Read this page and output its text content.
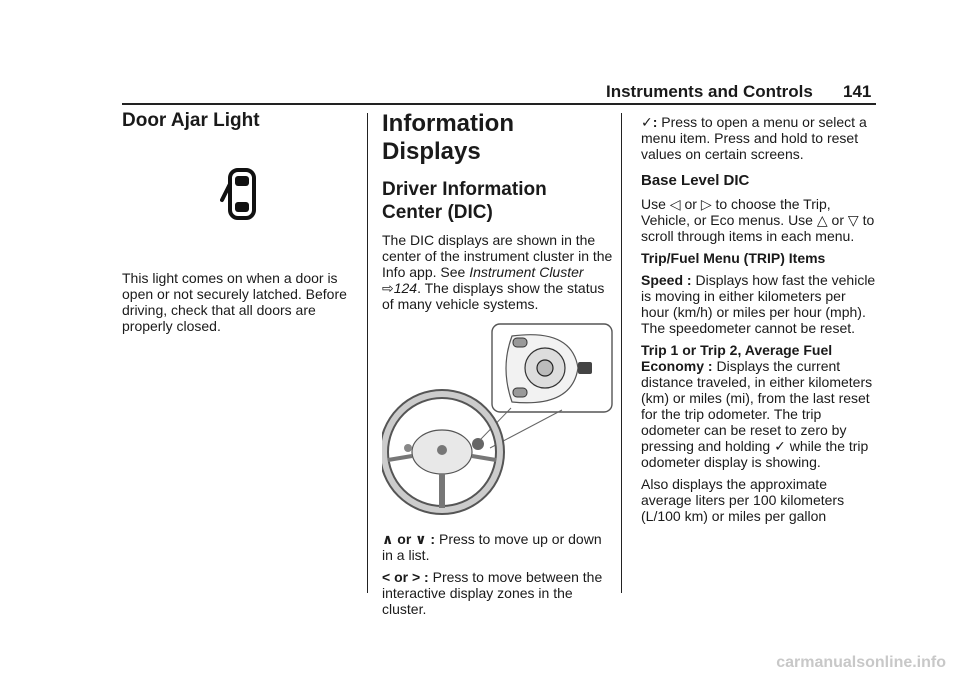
Instruments and Controls 141
Door Ajar Light

This light comes on when a door is open or not securely latched. Before driving, check that all doors are properly closed.

Information Displays
Driver Information
Center (DIC)

The DIC displays are shown in the center of the instrument cluster in the Info app. See Instrument Cluster ⇨124. The displays show the status of many vehicle systems.

∧ or ∨ : Press to move up or down in a list.

< or > : Press to move between the interactive display zones in the cluster.

✓: Press to open a menu or select a menu item. Press and hold to reset values on certain screens.

Base Level DIC

Use ◁ or ▷ to choose the Trip, Vehicle, or Eco menus. Use △ or ▽ to scroll through items in each menu.

Trip/Fuel Menu (TRIP) Items

Speed : Displays how fast the vehicle is moving in either kilometers per hour (km/h) or miles per hour (mph). The speedometer cannot be reset.

Trip 1 or Trip 2, Average Fuel Economy : Displays the current distance traveled, in either kilometers (km) or miles (mi), from the last reset for the trip odometer. The trip odometer can be reset to zero by pressing and holding ✓ while the trip odometer display is showing.

Also displays the approximate average liters per 100 kilometers (L/100 km) or miles per gallon

carmanualsonline.info
